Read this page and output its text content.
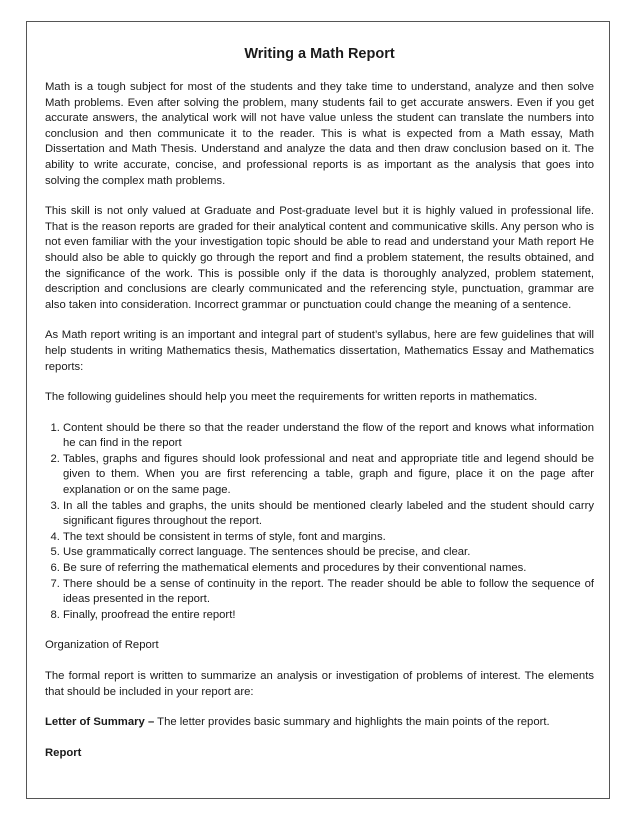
Writing a Math Report

Math is a tough subject for most of the students and they take time to understand, analyze and then solve Math problems. Even after solving the problem, many students fail to get accurate answers. Even if you get accurate answers, the analytical work will not have value unless the student can translate the numbers into conclusion and then communicate it to the reader. This is what is expected from a Math essay, Math Dissertation and Math Thesis. Understand and analyze the data and then draw conclusion based on it. The ability to write accurate, concise, and professional reports is as important as the analysis that goes into solving the complex math problems.

This skill is not only valued at Graduate and Post-graduate level but it is highly valued in professional life. That is the reason reports are graded for their analytical content and communicative skills. Any person who is not even familiar with the your investigation topic should be able to read and understand your Math report He should also be able to quickly go through the report and find a problem statement, the results obtained, and the significance of the work. This is possible only if the data is thoroughly analyzed, problem statement, description and conclusions are clearly communicated and the referencing style, punctuation, grammar are also taken into consideration. Incorrect grammar or punctuation could change the meaning of a sentence.

As Math report writing is an important and integral part of student’s syllabus, here are few guidelines that will help students in writing Mathematics thesis, Mathematics dissertation, Mathematics Essay and Mathematics reports:

The following guidelines should help you meet the requirements for written reports in mathematics.

1. Content should be there so that the reader understand the flow of the report and knows what information he can find in the report
2. Tables, graphs and figures should look professional and neat and appropriate title and legend should be given to them. When you are first referencing a table, graph and figure, place it on the page after explanation or on the same page.
3. In all the tables and graphs, the units should be mentioned clearly labeled and the student should carry significant figures throughout the report.
4. The text should be consistent in terms of style, font and margins.
5. Use grammatically correct language. The sentences should be precise, and clear.
6. Be sure of referring the mathematical elements and procedures by their conventional names.
7. There should be a sense of continuity in the report. The reader should be able to follow the sequence of ideas presented in the report.
8. Finally, proofread the entire report!

Organization of Report

The formal report is written to summarize an analysis or investigation of problems of interest. The elements that should be included in your report are:

Letter of Summary – The letter provides basic summary and highlights the main points of the report.

Report
